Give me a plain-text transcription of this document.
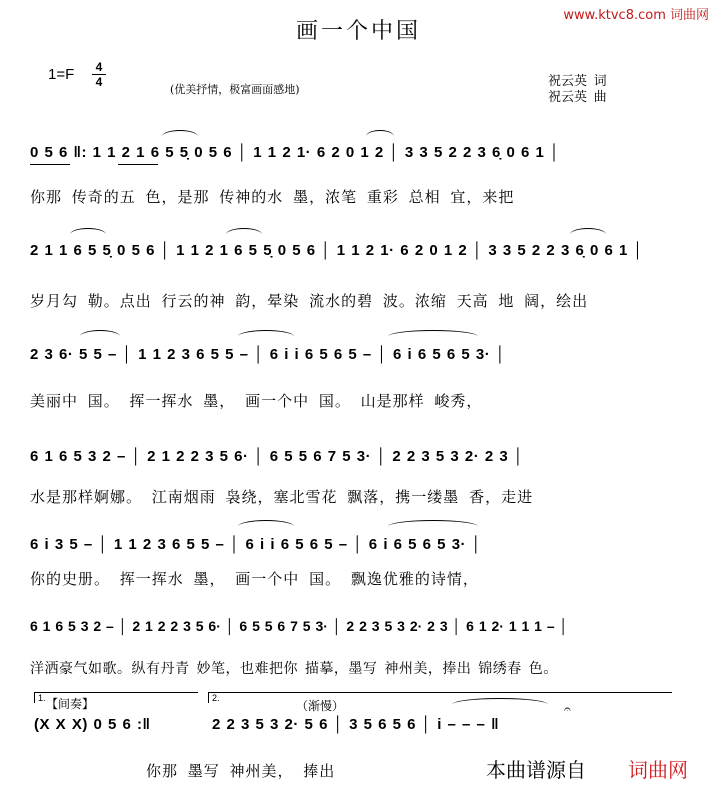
www.ktvc8.com 词曲网
画一个中国
1=F	4
4
(优美抒情，极富画面感地)
祝云英 词
祝云英 曲
0 5 6 ‖: 1 1 2 1 6 5 5̣ 0 5 6 │ 1 1 2 1· 6 2 0 1 2 │ 3 3 5 2 2 3 6̣ 0 6 1 │
你那 传奇的五 色，是那 传神的水 墨，浓笔 重彩 总相 宜，来把
2 1 1 6 5 5̣ 0 5 6 │ 1 1 2 1 6 5 5̣ 0 5 6 │ 1 1 2 1· 6 2 0 1 2 │ 3 3 5 2 2 3 6̣ 0 6 1 │
岁月勾 勒。点出 行云的神 韵，晕染 流水的碧 波。浓缩 天高 地 阔，绘出
2 3 6· 5 5 – │ 1 1 2 3 6 5 5 – │ 6 i i 6 5 6 5 – │ 6 i 6 5 6 5 3· │
美丽中 国。 挥一挥水 墨， 画一个中 国。 山是那样 峻秀，
6 1 6 5 3 2 – │ 2 1 2 2 3 5 6· │ 6 5 5 6 7 5 3· │ 2 2 3 5 3 2· 2 3 │
水是那样婀娜。 江南烟雨 袅绕，塞北雪花 飘落，携一缕墨 香，走进
6 i 3 5 – │ 1 1 2 3 6 5 5 – │ 6 i i 6 5 6 5 – │ 6 i 6 5 6 5 3· │
你的史册。 挥一挥水 墨， 画一个中 国。 飘逸优雅的诗情，
6 1 6 5 3 2 – │ 2 1 2 2 3 5 6· │ 6 5 5 6 7 5 3· │ 2 2 3 5 3 2· 2 3 │ 6 1 2· 1 1 1 – │
洋洒豪气如歌。纵有丹青 妙笔，也难把你 描摹，墨写 神州美，捧出 锦绣春 色。
1. 【间奏】	2.
（渐慢）
(X X X) 0 5 6 :‖
𝄐
2 2 3 5 3 2· 5 6 │ 3 5 6 5 6 │ i – – – ‖
你那 墨写 神州美， 捧出	本曲谱源自 词曲网
